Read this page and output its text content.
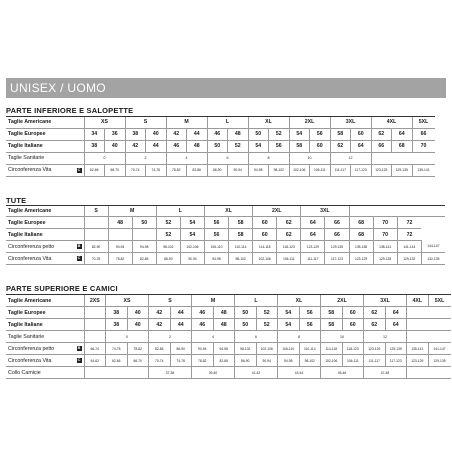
UNISEX / UOMO
PARTE INFERIORE E SALOPETTE
Taglie Americane	XS		S		M		L		XL		2XL		3XL		4XL		5XL
Taglie Europee	34	36	38	40	42	44	46	48	50	52	54	56	58	60	62	64	66
Taglie Italiane	38	40	42	44	46	48	50	52	54	56	58	60	62	64	66	68	70
Taglie Sanitarie	0		2		4		6		8		10		12				

Circonferenza Vita C	62-66	66-70	70-74	74-78	78-82	82-86	86-90	90-94	94-98	98-102	102-106	106-111	111-117	117-123	123-129	129-135	135-141
TUTE
Taglie Americane	S	M		L		XL		2XL		3XL					
Taglie Europee		48	50	52	54	56	58	60	62	64	66	68	70	72	
Taglie Italiane				52	54	56	58	60	62	64	66	68	70	72	

Circonferenza petto B	82-90	90-94	94-98	98-102	102-106	106-110	110-114	114-118	118-123	123-129	129-135	135-138	138-141	141-144	144-147

Circonferenza Vita C	70-78	78-82	82-86	86-90	90-94	94-98	98-102	102-106	106-111	111-117	117-123	123-129	129-135	129-132	132-135
PARTE SUPERIORE E CAMICI
Taglie Americane	2XS	XS		S		M		L		XL		2XL		3XL		4XL	5XL
Taglie Europee		38	40	42	44	46	48	50	52	54	56	58	60	62	64		
Taglie Italiane		38	40	42	44	46	48	50	52	54	56	58	60	62	64		
Taglie Sanitarie		0		2		4		6		8		10		12			

Circonferenza petto B	66-74	74-78	78-82	82-86	86-90	90-94	94-98	98-102	102-106	106-110	110-114	114-118	118-123	123-129	129-135	135-141	141-147

Circonferenza Vita C	54-62	62-66	66-70	70-74	74-78	78-82	82-86	86-90	90-94	94-98	98-102	102-106	106-111	111-117	117-123	123-129	129-135
Collo Camicie				37-38		39-40		41-42		43-44		45-46		47-48			
